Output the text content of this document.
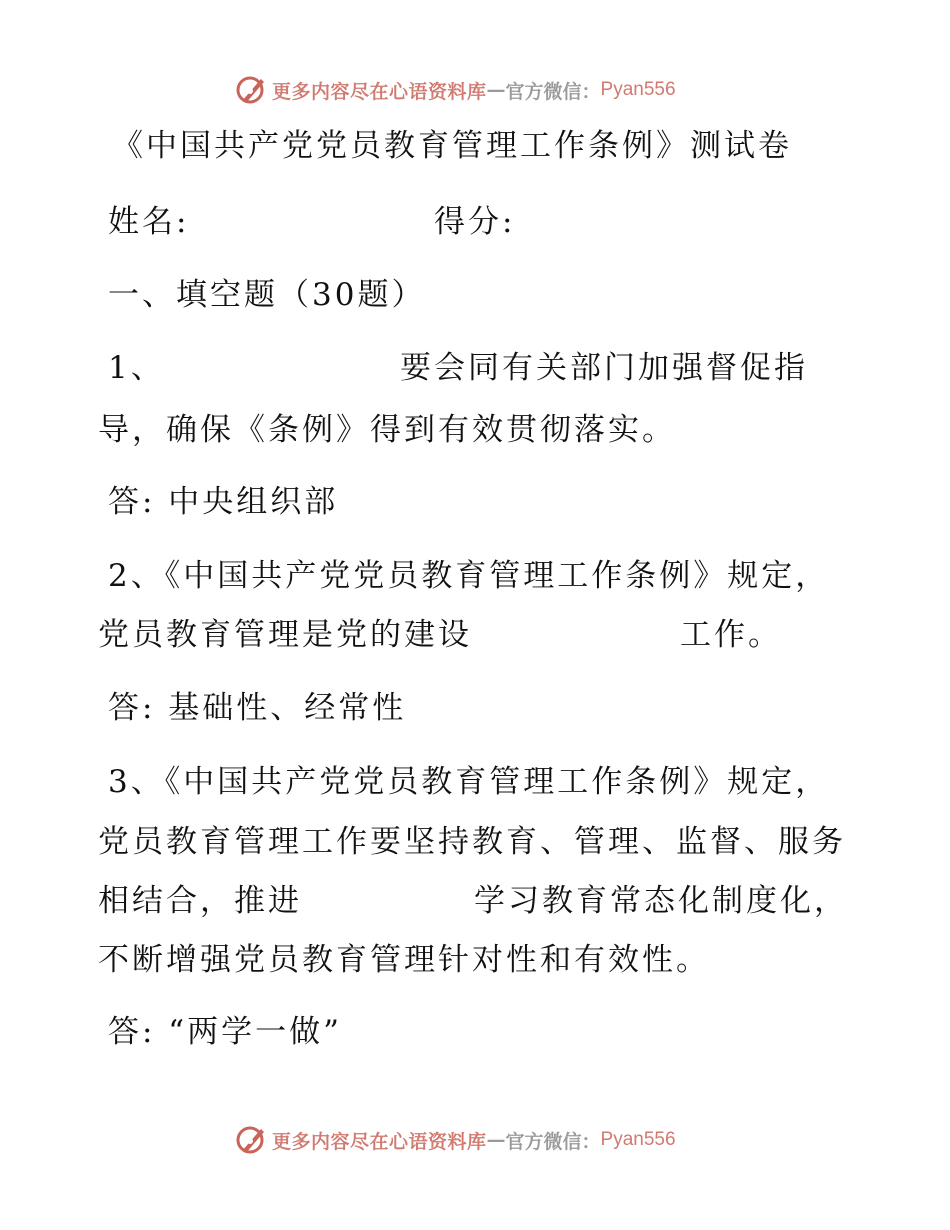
更多内容尽在心语资料库 — 官方微信： Pyan556
《中国共产党党员教育管理工作条例》测试卷
姓名:	得分:
一、填空题（30题）
1、	要会同有关部门加强督促指
导，确保《条例》得到有效贯彻落实。
答: 中央组织部
2、《中国共产党党员教育管理工作条例》规定，
党员教育管理是党的建设	工作。
答: 基础性、经常性
3、《中国共产党党员教育管理工作条例》规定，
党员教育管理工作要坚持教育、管理、监督、服务
相结合，推进	学习教育常态化制度化，
不断增强党员教育管理针对性和有效性。
答: “两学一做”
更多内容尽在心语资料库 — 官方微信： Pyan556
